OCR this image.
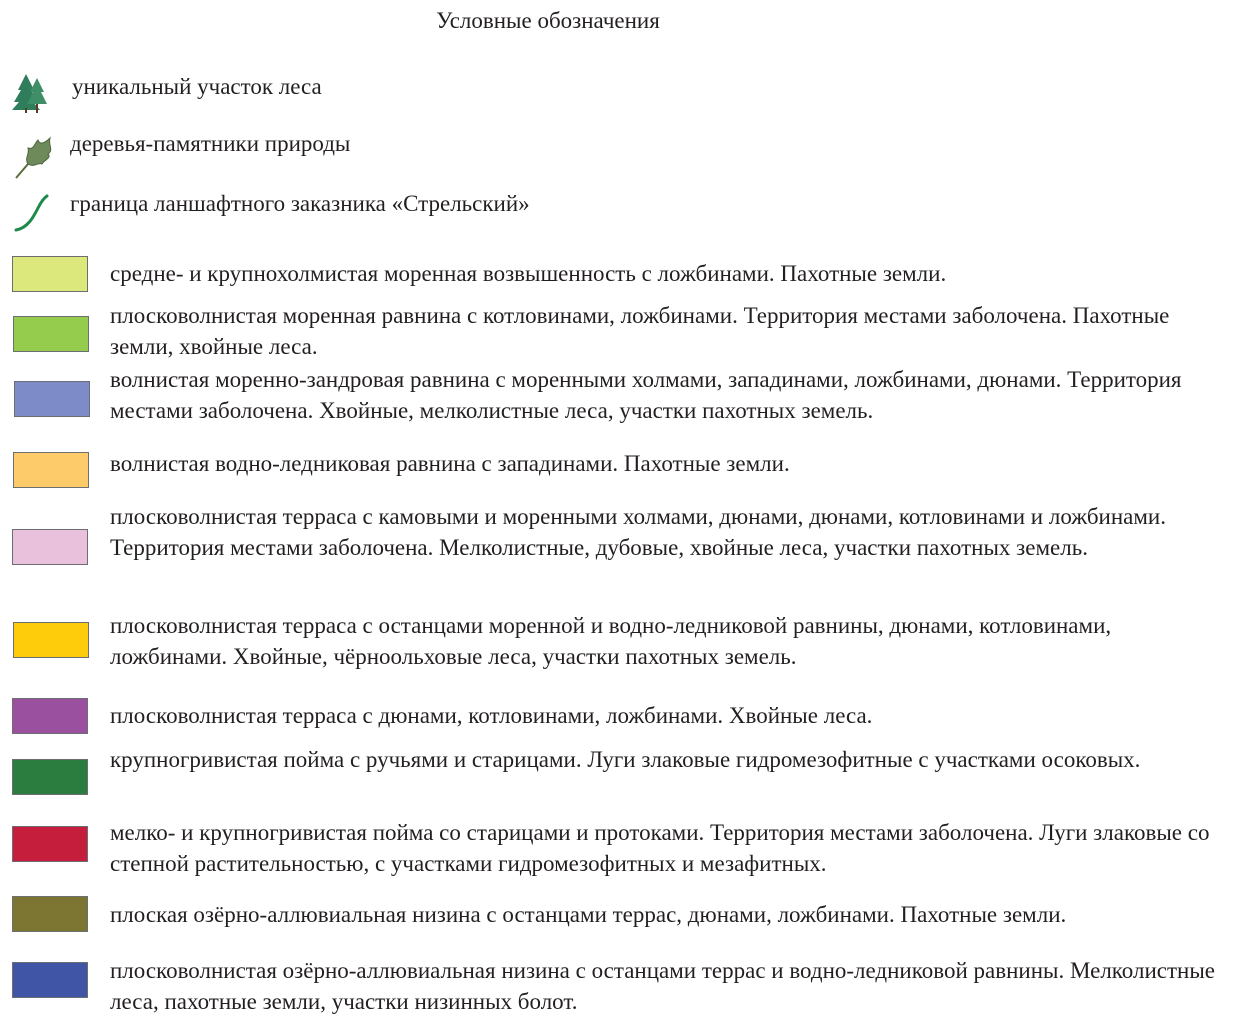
Условные обозначения
уникальный участок леса
деревья-памятники природы
граница ланшафтного заказника «Стрельский»
средне- и крупнохолмистая моренная возвышенность с ложбинами. Пахотные земли.
плосковолнистая моренная равнина с котловинами, ложбинами. Территория местами заболочена. Пахотные земли, хвойные леса.
волнистая моренно-зандровая равнина с моренными холмами, западинами, ложбинами, дюнами. Территория местами заболочена. Хвойные, мелколистные леса, участки пахотных земель.
волнистая водно-ледниковая равнина с западинами. Пахотные земли.
плосковолнистая терраса с камовыми и моренными холмами, дюнами, дюнами, котловинами и ложбинами. Территория местами заболочена. Мелколистные, дубовые, хвойные леса, участки пахотных земель.
плосковолнистая терраса с останцами моренной и водно-ледниковой равнины, дюнами, котловинами, ложбинами. Хвойные, чёрноольховые леса, участки пахотных земель.
плосковолнистая терраса с дюнами, котловинами, ложбинами. Хвойные леса.
крупногривистая пойма с ручьями и старицами. Луги злаковые гидромезофитные с участками осоковых.
мелко- и крупногривистая пойма со старицами и протоками. Территория местами заболочена. Луги злаковые со степной растительностью, с участками гидромезофитных и мезафитных.
плоская озёрно-аллювиальная низина с останцами террас, дюнами, ложбинами. Пахотные земли.
плосковолнистая озёрно-аллювиальная низина с останцами террас и водно-ледниковой равнины. Мелколистные леса, пахотные земли, участки низинных болот.
